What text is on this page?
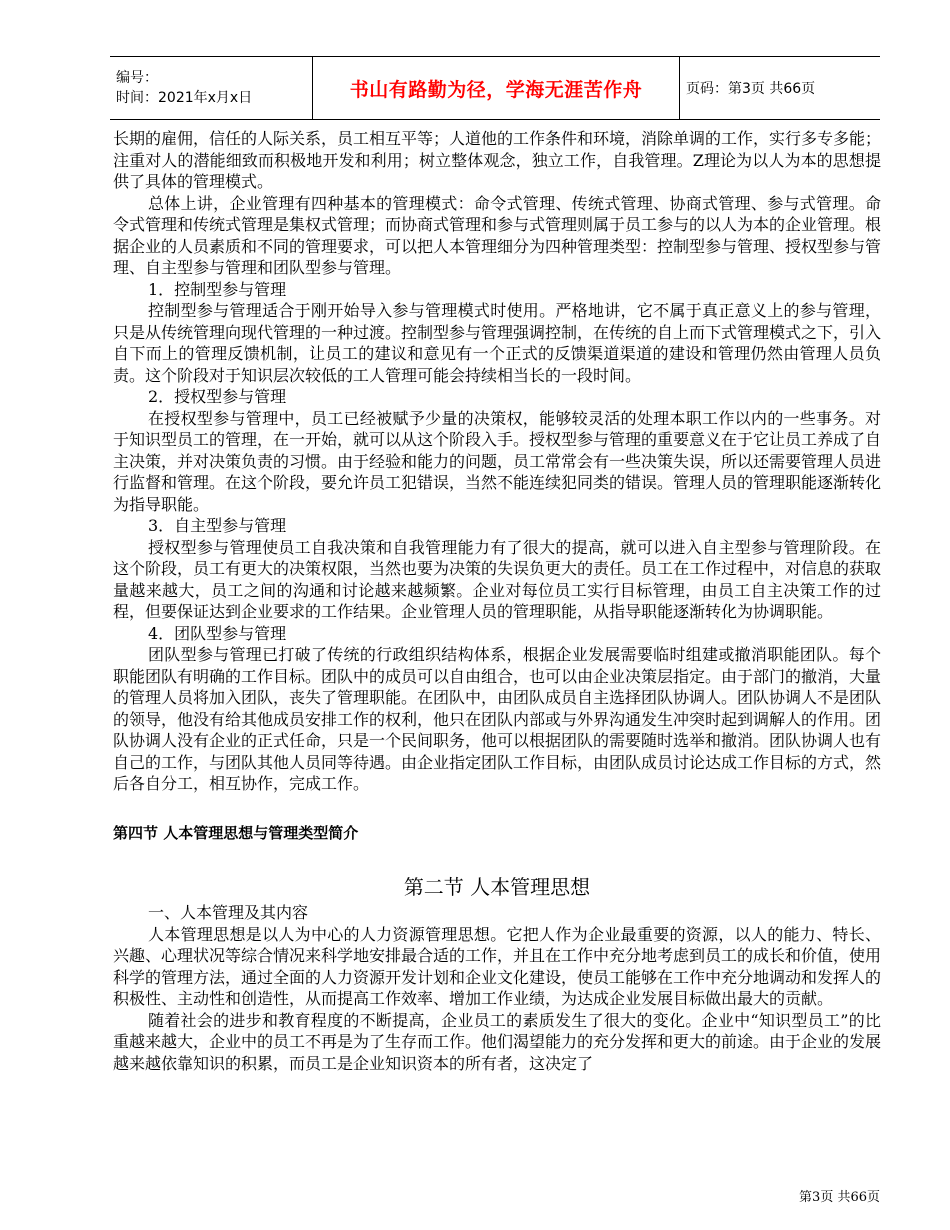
编号：
时间：2021年x月x日	书山有路勤为径，学海无涯苦作舟	页码：第3页 共66页

长期的雇佣，信任的人际关系，员工相互平等；人道他的工作条件和环境，消除单调的工作，实行多专多能；注重对人的潜能细致而积极地开发和利用；树立整体观念，独立工作，自我管理。Z理论为以人为本的思想提供了具体的管理模式。

总体上讲，企业管理有四种基本的管理模式：命令式管理、传统式管理、协商式管理、参与式管理。命令式管理和传统式管理是集权式管理；而协商式管理和参与式管理则属于员工参与的以人为本的企业管理。根据企业的人员素质和不同的管理要求，可以把人本管理细分为四种管理类型：控制型参与管理、授权型参与管理、自主型参与管理和团队型参与管理。

1．控制型参与管理

控制型参与管理适合于刚开始导入参与管理模式时使用。严格地讲，它不属于真正意义上的参与管理，只是从传统管理向现代管理的一种过渡。控制型参与管理强调控制，在传统的自上而下式管理模式之下，引入自下而上的管理反馈机制，让员工的建议和意见有一个正式的反馈渠道渠道的建设和管理仍然由管理人员负责。这个阶段对于知识层次较低的工人管理可能会持续相当长的一段时间。

2．授权型参与管理

在授权型参与管理中，员工已经被赋予少量的决策权，能够较灵活的处理本职工作以内的一些事务。对于知识型员工的管理，在一开始，就可以从这个阶段入手。授权型参与管理的重要意义在于它让员工养成了自主决策，并对决策负责的习惯。由于经验和能力的问题，员工常常会有一些决策失误，所以还需要管理人员进行监督和管理。在这个阶段，要允许员工犯错误，当然不能连续犯同类的错误。管理人员的管理职能逐渐转化为指导职能。

3．自主型参与管理

授权型参与管理使员工自我决策和自我管理能力有了很大的提高，就可以进入自主型参与管理阶段。在这个阶段，员工有更大的决策权限，当然也要为决策的失误负更大的责任。员工在工作过程中，对信息的获取量越来越大，员工之间的沟通和讨论越来越频繁。企业对每位员工实行目标管理，由员工自主决策工作的过程，但要保证达到企业要求的工作结果。企业管理人员的管理职能，从指导职能逐渐转化为协调职能。

4．团队型参与管理

团队型参与管理已打破了传统的行政组织结构体系，根据企业发展需要临时组建或撤消职能团队。每个职能团队有明确的工作目标。团队中的成员可以自由组合，也可以由企业决策层指定。由于部门的撤消，大量的管理人员将加入团队，丧失了管理职能。在团队中，由团队成员自主选择团队协调人。团队协调人不是团队的领导，他没有给其他成员安排工作的权利，他只在团队内部或与外界沟通发生冲突时起到调解人的作用。团队协调人没有企业的正式任命，只是一个民间职务，他可以根据团队的需要随时选举和撤消。团队协调人也有自己的工作，与团队其他人员同等待遇。由企业指定团队工作目标，由团队成员讨论达成工作目标的方式，然后各自分工，相互协作，完成工作。

第四节 人本管理思想与管理类型简介

第二节 人本管理思想

一、人本管理及其内容

人本管理思想是以人为中心的人力资源管理思想。它把人作为企业最重要的资源，以人的能力、特长、兴趣、心理状况等综合情况来科学地安排最合适的工作，并且在工作中充分地考虑到员工的成长和价值，使用科学的管理方法，通过全面的人力资源开发计划和企业文化建设，使员工能够在工作中充分地调动和发挥人的积极性、主动性和创造性，从而提高工作效率、增加工作业绩，为达成企业发展目标做出最大的贡献。

随着社会的进步和教育程度的不断提高，企业员工的素质发生了很大的变化。企业中“知识型员工”的比重越来越大，企业中的员工不再是为了生存而工作。他们渴望能力的充分发挥和更大的前途。由于企业的发展越来越依靠知识的积累，而员工是企业知识资本的所有者，这决定了

第3页 共66页
